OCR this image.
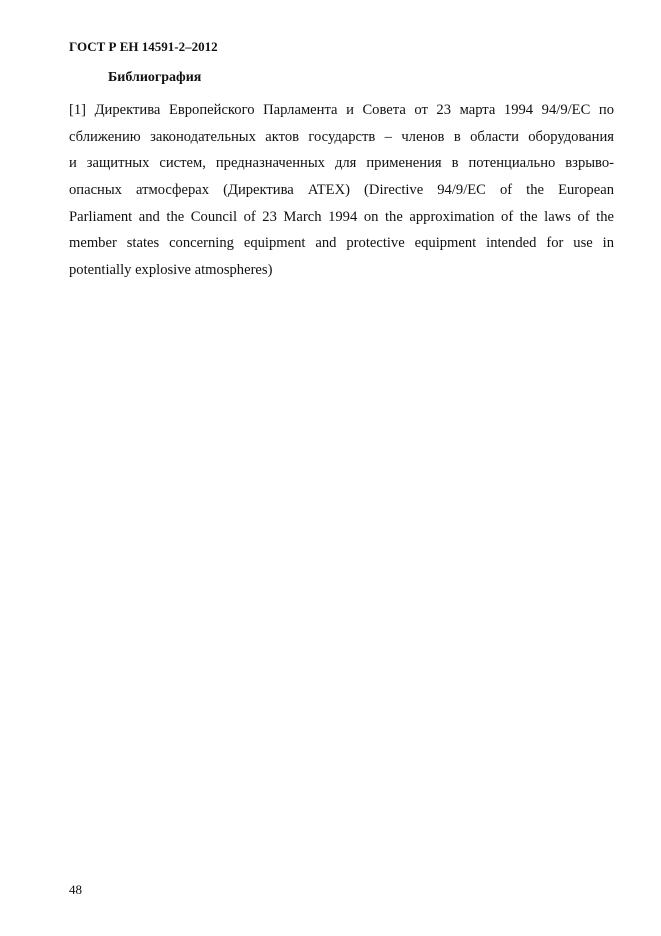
ГОСТ Р ЕН 14591-2–2012
Библиография
[1] Директива Европейского Парламента и Совета от 23 марта 1994 94/9/ЕС по
сближению законодательных актов государств – членов в области оборудования
и защитных систем, предназначенных для применения в потенциально взрыво-
опасных атмосферах (Директива ATEX) (Directive 94/9/EC of the European
Parliament and the Council of 23 March 1994 on the approximation of the laws of the
member states concerning equipment and protective equipment intended for use in
potentially explosive atmospheres)
48
